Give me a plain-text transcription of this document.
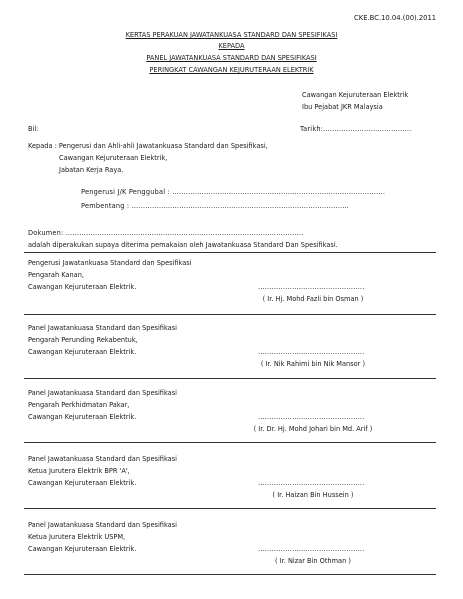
CKE.BC.10.04.(00).2011
KERTAS PERAKUAN JAWATANKUASA STANDARD DAN SPESIFIKASI
KEPADA
PANEL JAWATANKUASA STANDARD DAN SPESIFIKASI
PERINGKAT CAWANGAN KEJURUTERAAN ELEKTRIK
Cawangan Kejuruteraan Elektrik
Ibu Pejabat JKR Malaysia
Bil:	Tarikh:…………………………………
Kepada : Pengerusi dan Ahli-ahli Jawatankuasa Standard dan Spesifikasi,
Cawangan Kejuruteraan Elektrik,
Jabatan Kerja Raya.
Pengerusi J/K Penggubal : ………………………………………………………………………………….
Pembentang : ……………………………………………………………………………………
Dokumen: ……………………………………………………………………………………………
adalah diperakukan supaya diterima pemakaian oleh Jawatankuasa Standard Dan Spesifikasi.
Pengerusi Jawatankuasa Standard dan Spesifikasi
Pengarah Kanan,
Cawangan Kejuruteraan Elektrik.	………………………………………..
( Ir. Hj. Mohd Fazli bin Osman )
Panel Jawatankuasa Standard dan Spesifikasi
Pengarah Perunding Rekabentuk,
Cawangan Kejuruteraan Elektrik.	………………………………………..
( Ir. Nik Rahimi bin Nik Mansor )
Panel Jawatankuasa Standard dan Spesifikasi
Pengarah Perkhidmatan Pakar,
Cawangan Kejuruteraan Elektrik.	………………………………………..
( Ir. Dr. Hj. Mohd Johari bin Md. Arif )
Panel Jawatankuasa Standard dan Spesifikasi
Ketua Jurutera Elektrik BPR 'A',
Cawangan Kejuruteraan Elektrik.	………………………………………..
( Ir. Haizan Bin Hussein )
Panel Jawatankuasa Standard dan Spesifikasi
Ketua Jurutera Elektrik USPM,
Cawangan Kejuruteraan Elektrik.	………………………………………..
( Ir. Nizar Bin Othman )
